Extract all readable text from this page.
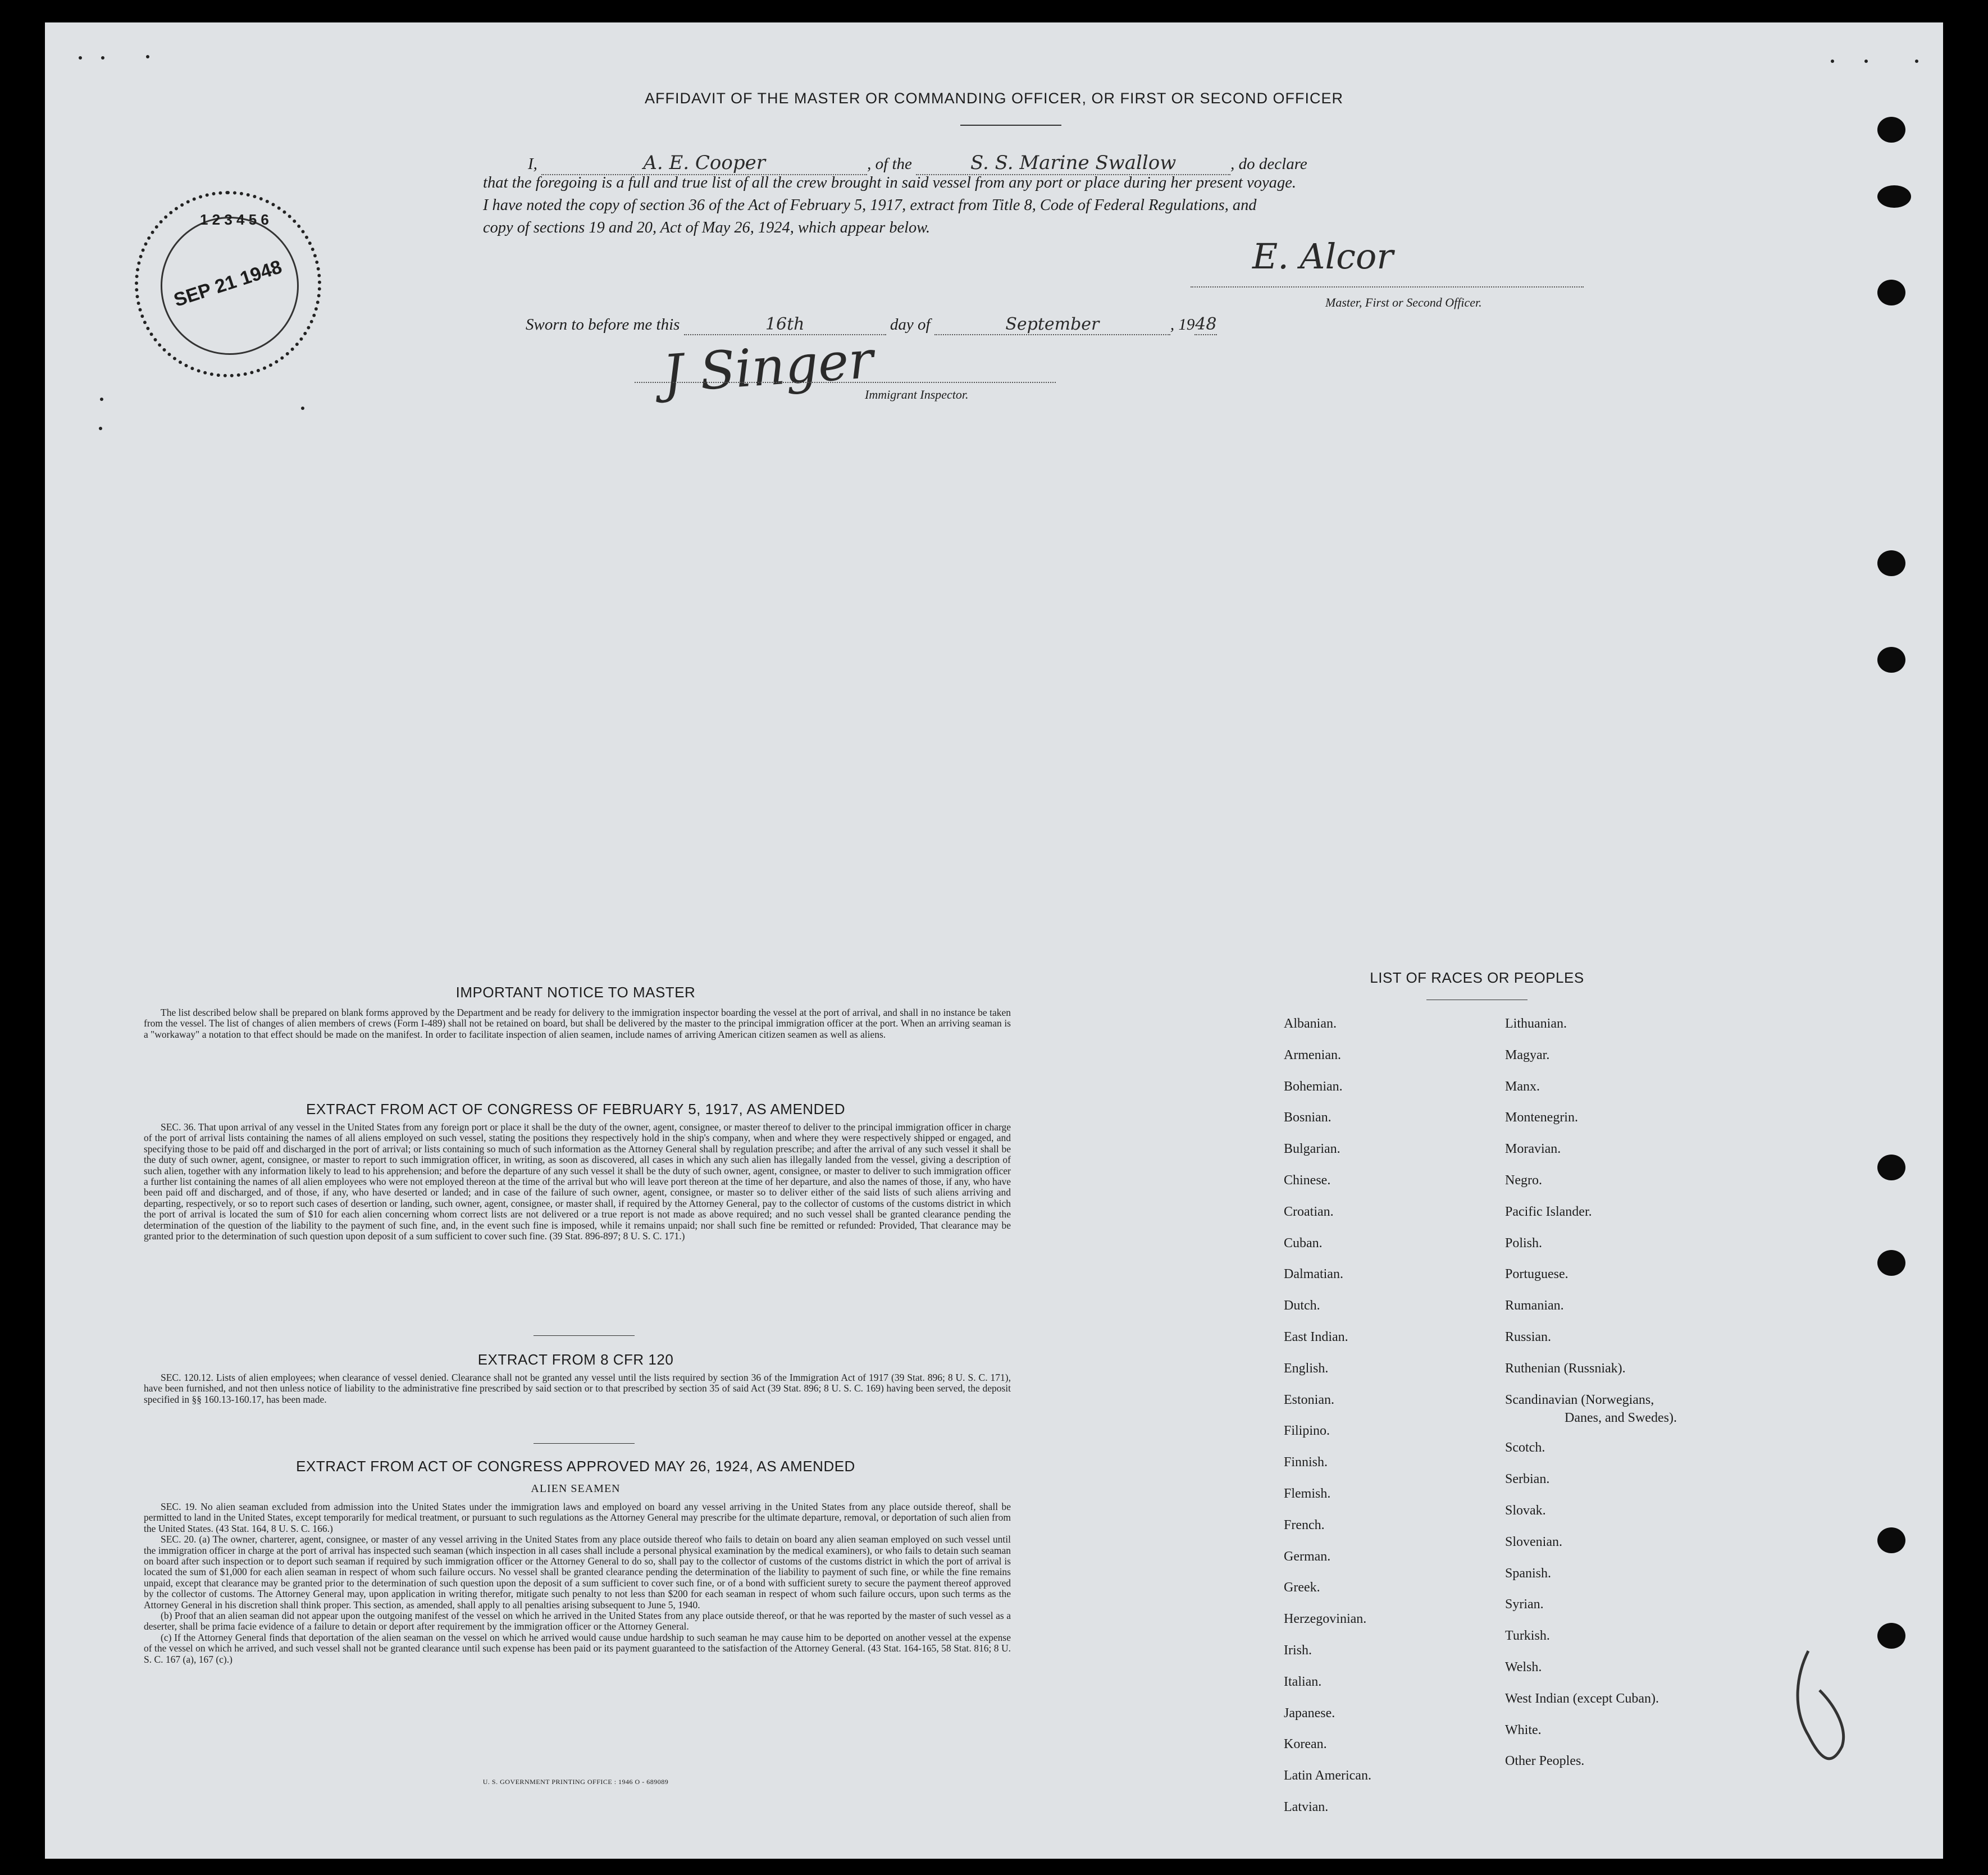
AFFIDAVIT OF THE MASTER OR COMMANDING OFFICER, OR FIRST OR SECOND OFFICER
I,	A. E. Cooper	, of the	S. S. Marine Swallow	, do declare
that the foregoing is a full and true list of all the crew brought in said vessel from any port or place during her present voyage.
I have noted the copy of section 36 of the Act of February 5, 1917, extract from Title 8, Code of Federal Regulations, and
copy of sections 19 and 20, Act of May 26, 1924, which appear below.
E. Alcor
Master, First or Second Officer.
Sworn to before me this	16th	day of	September	, 1948
J Singer
Immigrant Inspector.
1 2 3 4 5 6
SEP 21 1948
IMPORTANT NOTICE TO MASTER

The list described below shall be prepared on blank forms approved by the Department and be ready for delivery to the immigration inspector boarding the vessel at the port of arrival, and shall in no instance be taken from the vessel. The list of changes of alien members of crews (Form I-489) shall not be retained on board, but shall be delivered by the master to the principal immigration officer at the port. When an arriving seaman is a "workaway" a notation to that effect should be made on the manifest. In order to facilitate inspection of alien seamen, include names of arriving American citizen seamen as well as aliens.

EXTRACT FROM ACT OF CONGRESS OF FEBRUARY 5, 1917, AS AMENDED

SEC. 36. That upon arrival of any vessel in the United States from any foreign port or place it shall be the duty of the owner, agent, consignee, or master thereof to deliver to the principal immigration officer in charge of the port of arrival lists containing the names of all aliens employed on such vessel, stating the positions they respectively hold in the ship's company, when and where they were respectively shipped or engaged, and specifying those to be paid off and discharged in the port of arrival; or lists containing so much of such information as the Attorney General shall by regulation prescribe; and after the arrival of any such vessel it shall be the duty of such owner, agent, consignee, or master to report to such immigration officer, in writing, as soon as discovered, all cases in which any such alien has illegally landed from the vessel, giving a description of such alien, together with any information likely to lead to his apprehension; and before the departure of any such vessel it shall be the duty of such owner, agent, consignee, or master to deliver to such immigration officer a further list containing the names of all alien employees who were not employed thereon at the time of the arrival but who will leave port thereon at the time of her departure, and also the names of those, if any, who have been paid off and discharged, and of those, if any, who have deserted or landed; and in case of the failure of such owner, agent, consignee, or master so to deliver either of the said lists of such aliens arriving and departing, respectively, or so to report such cases of desertion or landing, such owner, agent, consignee, or master shall, if required by the Attorney General, pay to the collector of customs of the customs district in which the port of arrival is located the sum of $10 for each alien concerning whom correct lists are not delivered or a true report is not made as above required; and no such vessel shall be granted clearance pending the determination of the question of the liability to the payment of such fine, and, in the event such fine is imposed, while it remains unpaid; nor shall such fine be remitted or refunded: Provided, That clearance may be granted prior to the determination of such question upon deposit of a sum sufficient to cover such fine. (39 Stat. 896-897; 8 U. S. C. 171.)

EXTRACT FROM 8 CFR 120

SEC. 120.12. Lists of alien employees; when clearance of vessel denied. Clearance shall not be granted any vessel until the lists required by section 36 of the Immigration Act of 1917 (39 Stat. 896; 8 U. S. C. 171), have been furnished, and not then unless notice of liability to the administrative fine prescribed by said section or to that prescribed by section 35 of said Act (39 Stat. 896; 8 U. S. C. 169) having been served, the deposit specified in §§ 160.13-160.17, has been made.

EXTRACT FROM ACT OF CONGRESS APPROVED MAY 26, 1924, AS AMENDED
ALIEN SEAMEN

SEC. 19. No alien seaman excluded from admission into the United States under the immigration laws and employed on board any vessel arriving in the United States from any place outside thereof, shall be permitted to land in the United States, except temporarily for medical treatment, or pursuant to such regulations as the Attorney General may prescribe for the ultimate departure, removal, or deportation of such alien from the United States. (43 Stat. 164, 8 U. S. C. 166.)

SEC. 20. (a) The owner, charterer, agent, consignee, or master of any vessel arriving in the United States from any place outside thereof who fails to detain on board any alien seaman employed on such vessel until the immigration officer in charge at the port of arrival has inspected such seaman (which inspection in all cases shall include a personal physical examination by the medical examiners), or who fails to detain such seaman on board after such inspection or to deport such seaman if required by such immigration officer or the Attorney General to do so, shall pay to the collector of customs of the customs district in which the port of arrival is located the sum of $1,000 for each alien seaman in respect of whom such failure occurs. No vessel shall be granted clearance pending the determination of the liability to payment of such fine, or while the fine remains unpaid, except that clearance may be granted prior to the determination of such question upon the deposit of a sum sufficient to cover such fine, or of a bond with sufficient surety to secure the payment thereof approved by the collector of customs. The Attorney General may, upon application in writing therefor, mitigate such penalty to not less than $200 for each seaman in respect of whom such failure occurs, upon such terms as the Attorney General in his discretion shall think proper. This section, as amended, shall apply to all penalties arising subsequent to June 5, 1940.

(b) Proof that an alien seaman did not appear upon the outgoing manifest of the vessel on which he arrived in the United States from any place outside thereof, or that he was reported by the master of such vessel as a deserter, shall be prima facie evidence of a failure to detain or deport after requirement by the immigration officer or the Attorney General.

(c) If the Attorney General finds that deportation of the alien seaman on the vessel on which he arrived would cause undue hardship to such seaman he may cause him to be deported on another vessel at the expense of the vessel on which he arrived, and such vessel shall not be granted clearance until such expense has been paid or its payment guaranteed to the satisfaction of the Attorney General. (43 Stat. 164-165, 58 Stat. 816; 8 U. S. C. 167 (a), 167 (c).)

U. S. GOVERNMENT PRINTING OFFICE : 1946 O - 689089
LIST OF RACES OR PEOPLES
Albanian.
Armenian.
Bohemian.
Bosnian.
Bulgarian.
Chinese.
Croatian.
Cuban.
Dalmatian.
Dutch.
East Indian.
English.
Estonian.
Filipino.
Finnish.
Flemish.
French.
German.
Greek.
Herzegovinian.
Irish.
Italian.
Japanese.
Korean.
Latin American.
Latvian.
Lithuanian.
Magyar.
Manx.
Montenegrin.
Moravian.
Negro.
Pacific Islander.
Polish.
Portuguese.
Rumanian.
Russian.
Ruthenian (Russniak).
Scandinavian (Norwegians,
Danes, and Swedes).
Scotch.
Serbian.
Slovak.
Slovenian.
Spanish.
Syrian.
Turkish.
Welsh.
West Indian (except Cuban).
White.
Other Peoples.
